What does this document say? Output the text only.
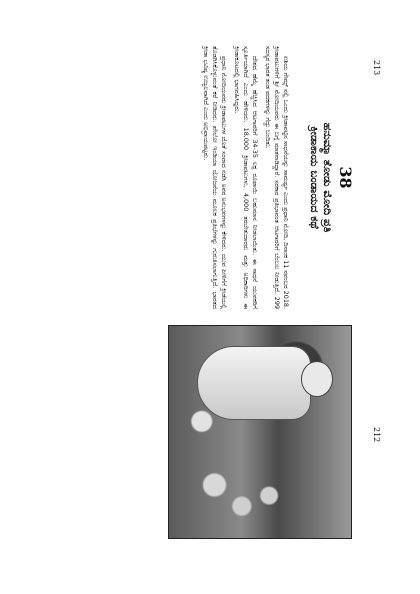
212
213
38
ಹನುಮ್ಮಾ ತೋಡು ಮೋದಿ ಪ್ರತಿ
ಕ್ರೀಡಾಕಾಯ ಬಂಡಾಯದ ಕಥೆ

ಏಶಿಯ ಗೇಮ್ಸ್ ನಲ್ಲಿ ಒಂದು ಕ್ರೀಡಾಪಟ್ಟಿನ ಸಾಧನೆಯನ್ನು ಸಾಮರ್ಥ್ಯ ಎಂದು ಪ್ರಧಾನಿ ಮೋದಿ, ದಿನಾಂಕ 11 ನವಂಬರ 2018. ಕ್ರೀಡಾಪಟುಗಳಿಗೆ ಶ್ರೀ ಮೋದಿಯವರು ಈ ಬಗ್ಗೆ ಮಾತನಾಡಿದ್ದಾರೆ. ಸರಕಾರ ಪ್ರತಿಭಾವಂತ ಆಟಗಾರರಿಗೆ ಬೆಂಬಲ ನೀಡುತ್ತಿದೆ. 299 ಸದಸ್ಯರ ಭಾರತ ತಂಡ ಪದಕಗಳನ್ನು ಗೆದ್ದು ಬಂದಿತು.

ದೇಶದ ಹೆಮ್ಮೆ ಹೆಚ್ಚಿಸಿದ ಆಟಗಾರರಿಗೆ 34-35 ಲಕ್ಷ ರೂಪಾಯಿ ಬಹುಮಾನ ನೀಡಲಾಯಿತು. ಈ ಸಾಧನೆ ಯುವಕರಿಗೆ ಸ್ಪೂರ್ತಿಯಾಗಿದೆ ಎಂದು ಹೇಳಿದರು. 18,000 ಕ್ರೀಡಾಪಟುಗಳು, 4,000 ತರಬೇತುದಾರರು ಮತ್ತು ಅಧಿಕಾರಿಗಳು ಈ ಕ್ರೀಡಾಕೂಟದಲ್ಲಿ ಭಾಗವಹಿಸಿದ್ದರು.

ಪ್ರಧಾನಿ ಮೋದಿಯವರು ಕ್ರೀಡಾಪಟುಗಳ ಜೊತೆ ಸಂವಾದ ನಡೆಸಿ ಅವರ ಅನುಭವಗಳನ್ನು ಕೇಳಿದರು. ಯುವ ಪೀಳಿಗೆಗೆ ಕ್ರೀಡೆಯಲ್ಲಿ ತೊಡಗಿಸಿಕೊಳ್ಳುವಂತೆ ಕರೆ ನೀಡಿದರು. ಖೇಲೋ ಇಂಡಿಯಾ ಯೋಜನೆಯ ಮೂಲಕ ಪ್ರತಿಭೆಗಳನ್ನು ಗುರುತಿಸಲಾಗುತ್ತಿದೆ. ಭಾರತದ ಕ್ರೀಡಾ ಭವಿಷ್ಯ ಉಜ್ವಲವಾಗಿದೆ ಎಂದು ಅಭಿಪ್ರಾಯಪಟ್ಟರು.
